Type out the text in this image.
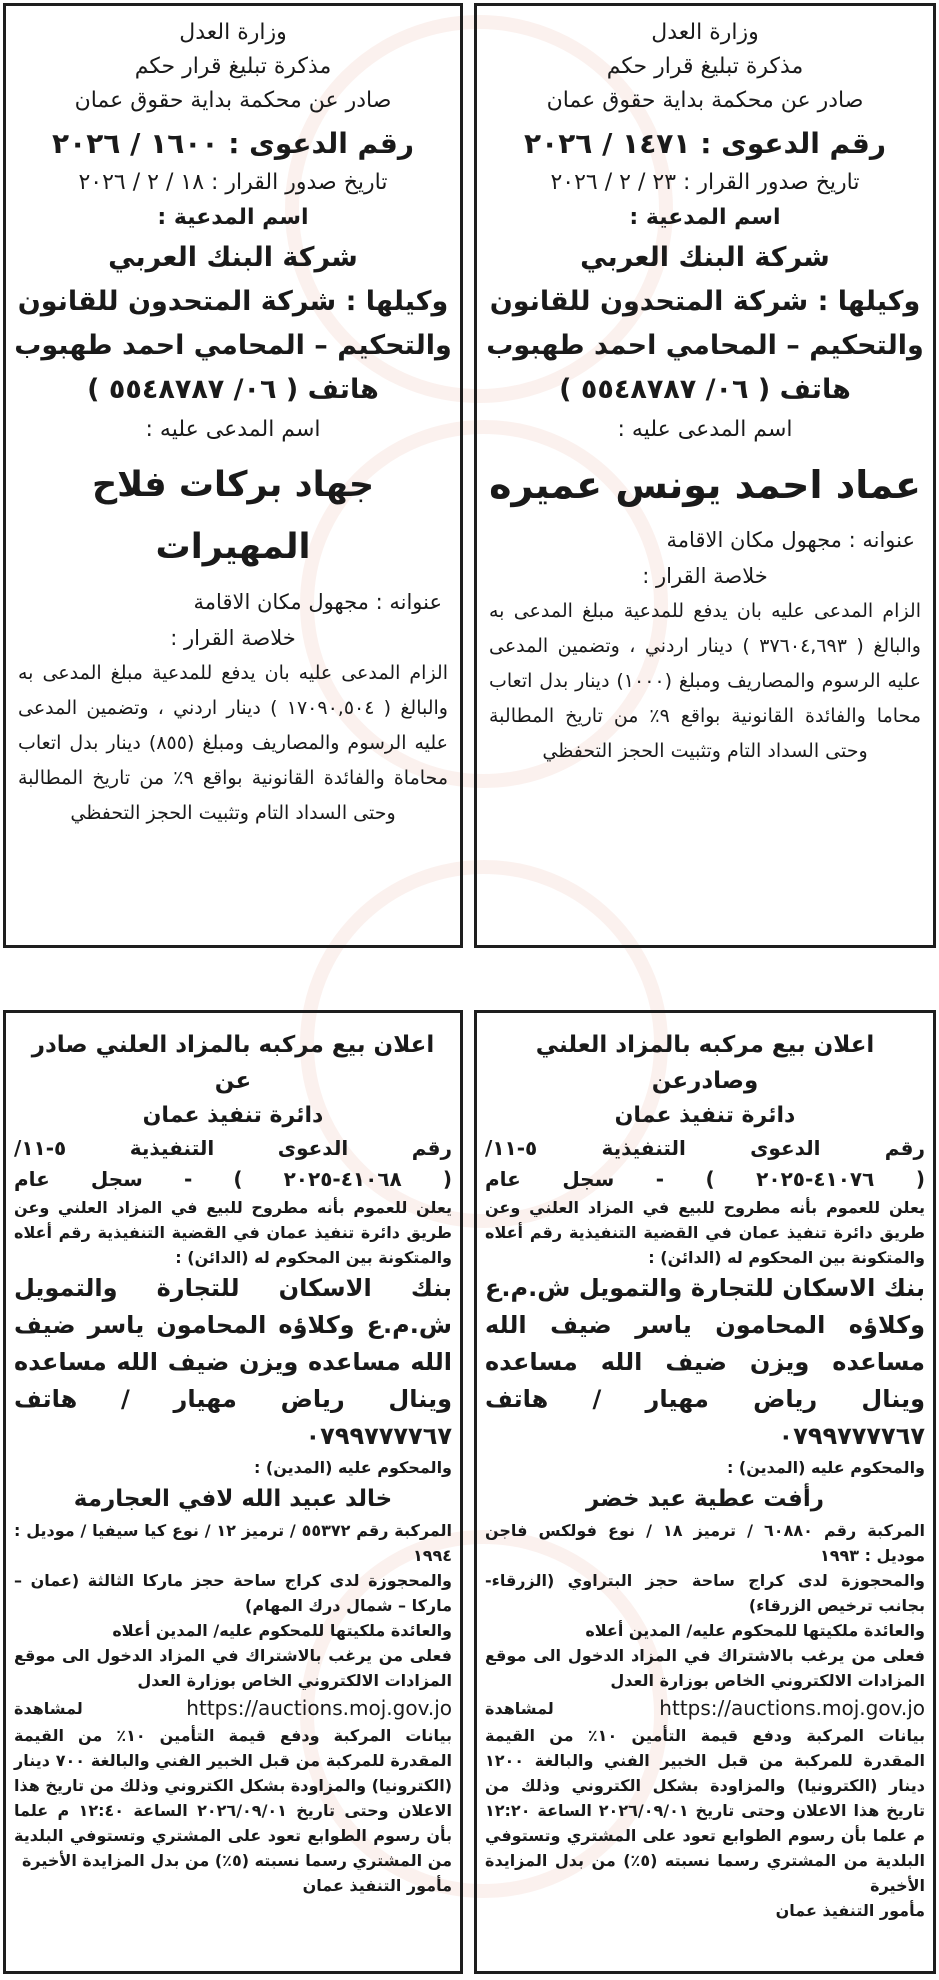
وزارة العدل
مذكرة تبليغ قرار حكم
صادر عن محكمة بداية حقوق عمان
رقم الدعوى : ١٤٧١ / ٢٠٢٦
تاريخ صدور القرار : ٢٣ / ٢ / ٢٠٢٦
اسم المدعية :
شركة البنك العربي
وكيلها : شركة المتحدون للقانون
والتحكيم – المحامي احمد طهبوب
هاتف ( ٠٦/ ٥٥٤٨٧٨٧ )
اسم المدعى عليه :
عماد احمد يونس عميره
عنوانه : مجهول مكان الاقامة
خلاصة القرار :
الزام المدعى عليه بان يدفع للمدعية مبلغ المدعى به والبالغ ( ٣٧٦٠٤,٦٩٣ ) دينار اردني ، وتضمين المدعى عليه الرسوم والمصاريف ومبلغ (١٠٠٠) دينار بدل اتعاب محاما والفائدة القانونية بواقع ٩٪ من تاريخ المطالبة وحتى السداد التام وتثبيت الحجز التحفظي
وزارة العدل
مذكرة تبليغ قرار حكم
صادر عن محكمة بداية حقوق عمان
رقم الدعوى : ١٦٠٠ / ٢٠٢٦
تاريخ صدور القرار : ١٨ / ٢ / ٢٠٢٦
اسم المدعية :
شركة البنك العربي
وكيلها : شركة المتحدون للقانون
والتحكيم – المحامي احمد طهبوب
هاتف ( ٠٦/ ٥٥٤٨٧٨٧ )
اسم المدعى عليه :
جهاد بركات فلاح المهيرات
عنوانه : مجهول مكان الاقامة
خلاصة القرار :
الزام المدعى عليه بان يدفع للمدعية مبلغ المدعى به والبالغ ( ١٧٠٩٠,٥٠٤ ) دينار اردني ، وتضمين المدعى عليه الرسوم والمصاريف ومبلغ (٨٥٥) دينار بدل اتعاب محاماة والفائدة القانونية بواقع ٩٪ من تاريخ المطالبة وحتى السداد التام وتثبيت الحجز التحفظي
اعلان بيع مركبه بالمزاد العلني وصادرعن
دائرة تنفيذ عمان
رقم الدعوى التنفيذية ٥-١١/
( ٤١٠٧٦-٢٠٢٥ ) - سجل عام
يعلن للعموم بأنه مطروح للبيع في المزاد العلني وعن طريق دائرة تنفيذ عمان في القضية التنفيذية رقم أعلاه والمتكونة بين المحكوم له (الدائن) :
بنك الاسكان للتجارة والتمويل ش.م.ع وكلاؤه المحامون ياسر ضيف الله مساعده ويزن ضيف الله مساعده وينال رياض مهيار / هاتف ٠٧٩٩٧٧٧٧٦٧
والمحكوم عليه (المدين) :
رأفت عطية عيد خضر
المركبة رقم ٦٠٨٨٠ / ترميز ١٨ / نوع فولكس فاجن موديل : ١٩٩٣
والمحجوزة لدى كراج ساحة حجز البتراوي (الزرقاء- بجانب ترخيص الزرقاء)
والعائدة ملكيتها للمحكوم عليه/ المدين أعلاه
فعلى من يرغب بالاشتراك في المزاد الدخول الى موقع المزادات الالكتروني الخاص بوزارة العدل
https://auctions.moj.gov.jo
لمشاهدة
بيانات المركبة ودفع قيمة التأمين ١٠٪ من القيمة المقدرة للمركبة من قبل الخبير الفني والبالغة ١٢٠٠ دينار (الكترونيا) والمزاودة بشكل الكتروني وذلك من تاريخ هذا الاعلان وحتى تاريخ ٢٠٢٦/٠٩/٠١ الساعة ١٢:٢٠ م علما بأن رسوم الطوابع تعود على المشتري وتستوفي البلدية من المشتري رسما نسبته (٥٪) من بدل المزايدة الأخيرة
مأمور التنفيذ عمان
اعلان بيع مركبه بالمزاد العلني صادر عن
دائرة تنفيذ عمان
رقم الدعوى التنفيذية ٥-١١/
( ٤١٠٦٨-٢٠٢٥ ) - سجل عام
يعلن للعموم بأنه مطروح للبيع في المزاد العلني وعن طريق دائرة تنفيذ عمان في القضية التنفيذية رقم أعلاه والمتكونة بين المحكوم له (الدائن) :
بنك الاسكان للتجارة والتمويل ش.م.ع وكلاؤه المحامون ياسر ضيف الله مساعده ويزن ضيف الله مساعده وينال رياض مهيار / هاتف ٠٧٩٩٧٧٧٧٦٧
والمحكوم عليه (المدين) :
خالد عبيد الله لافي العجارمة
المركبة رقم ٥٥٣٧٢ / ترميز ١٢ / نوع كيا سيفيا / موديل : ١٩٩٤
والمحجوزة لدى كراج ساحة حجز ماركا الثالثة (عمان – ماركا – شمال درك المهام)
والعائدة ملكيتها للمحكوم عليه/ المدين أعلاه
فعلى من يرغب بالاشتراك في المزاد الدخول الى موقع المزادات الالكتروني الخاص بوزارة العدل
https://auctions.moj.gov.jo
لمشاهدة
بيانات المركبة ودفع قيمة التأمين ١٠٪ من القيمة المقدرة للمركبة من قبل الخبير الفني والبالغة ٧٠٠ دينار (الكترونيا) والمزاودة بشكل الكتروني وذلك من تاريخ هذا الاعلان وحتى تاريخ ٢٠٢٦/٠٩/٠١ الساعة ١٢:٤٠ م علما بأن رسوم الطوابع تعود على المشتري وتستوفي البلدية من المشتري رسما نسبته (٥٪) من بدل المزايدة الأخيرة
مأمور التنفيذ عمان
